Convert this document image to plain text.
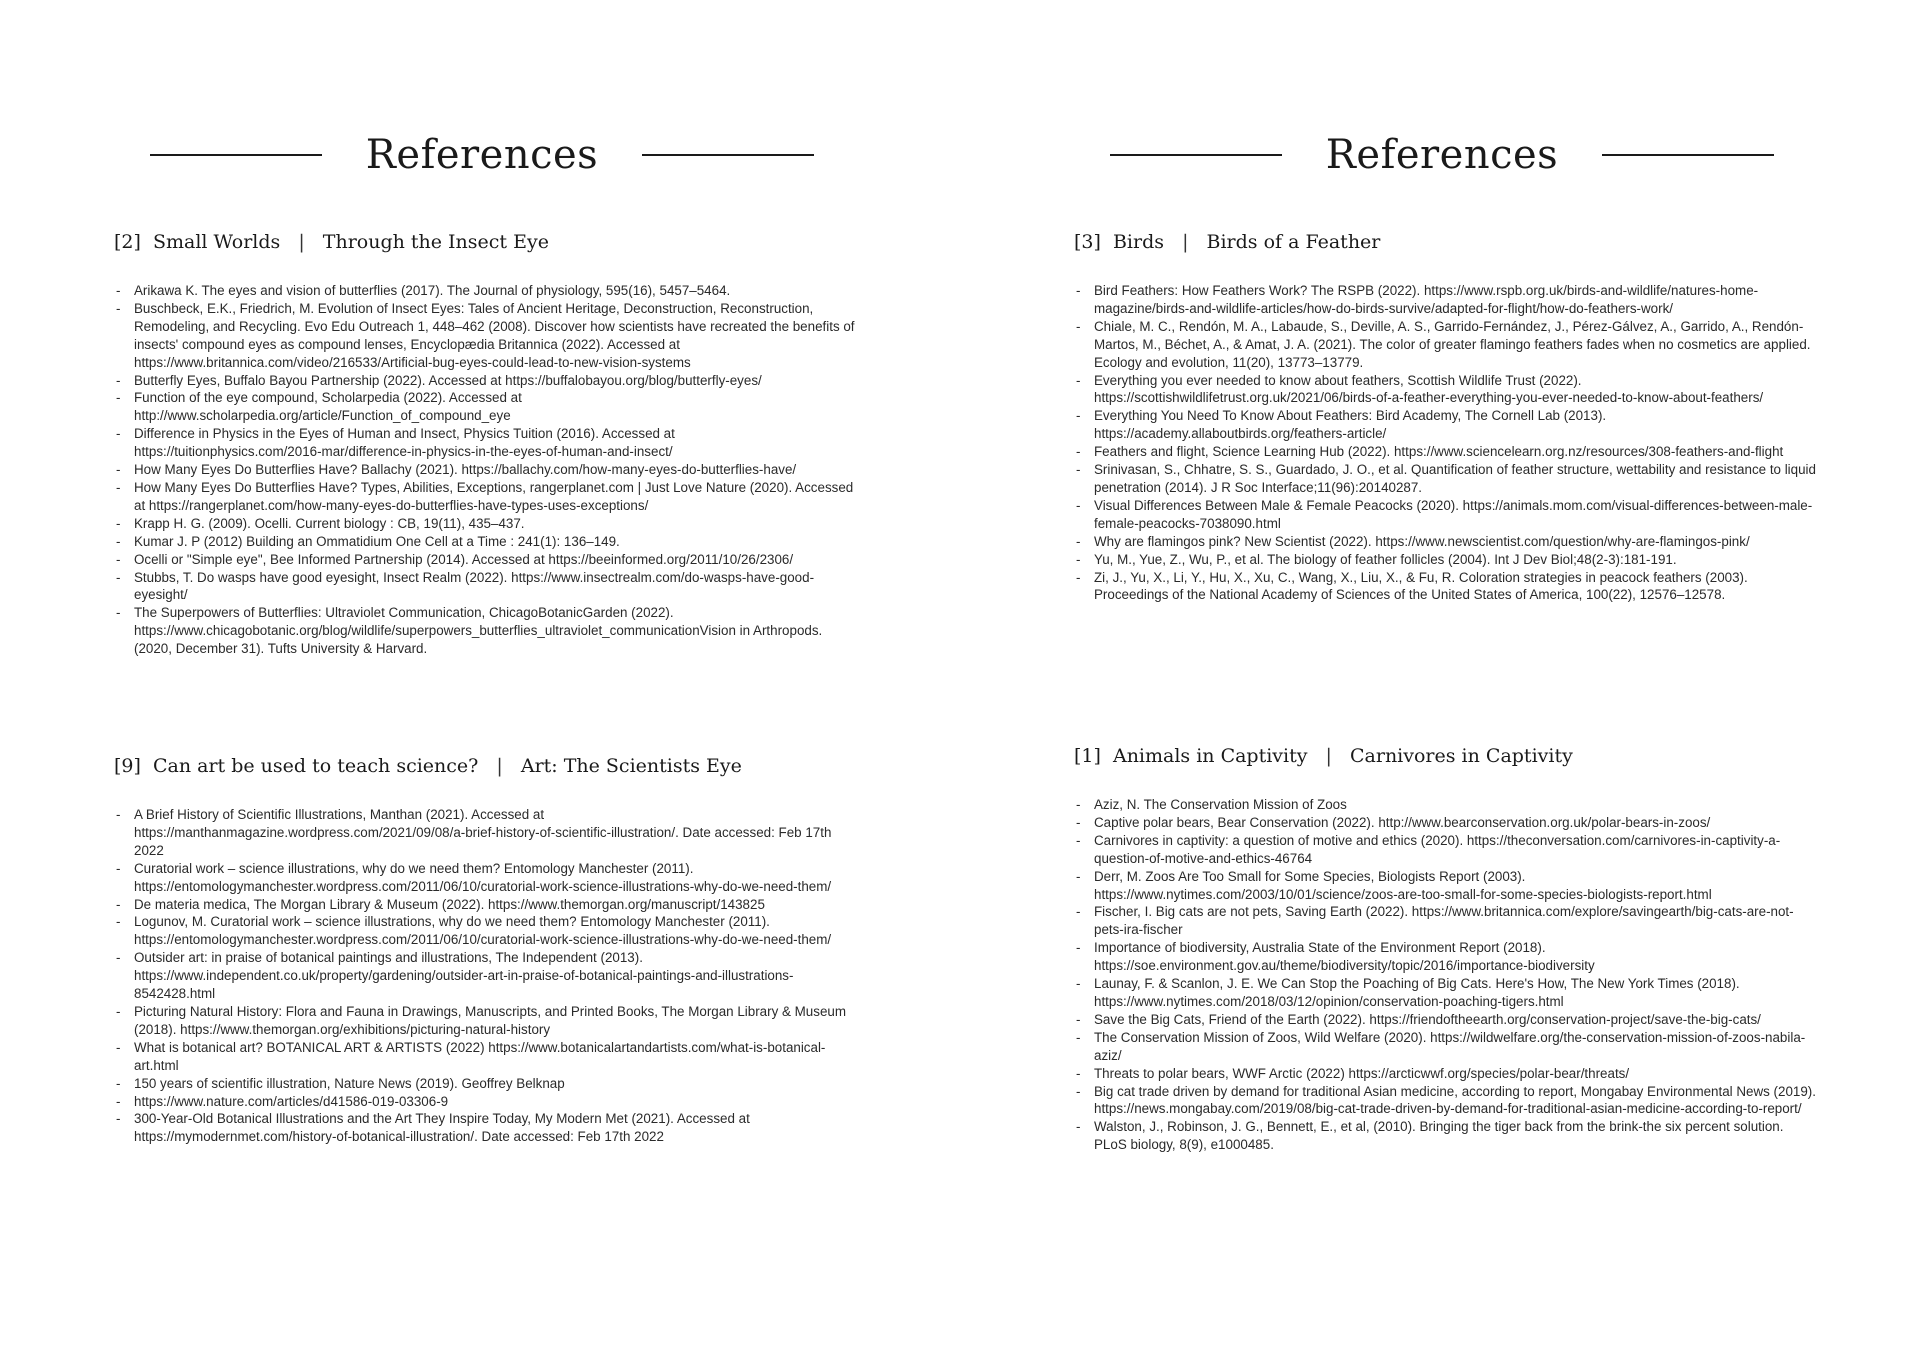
References
[2] Small Worlds | Through the Insect Eye
- Arikawa K. The eyes and vision of butterflies (2017). The Journal of physiology, 595(16), 5457–5464.
- Buschbeck, E.K., Friedrich, M. Evolution of Insect Eyes: Tales of Ancient Heritage, Deconstruction, Reconstruction, Remodeling, and Recycling. Evo Edu Outreach 1, 448–462 (2008). Discover how scientists have recreated the benefits of insects' compound eyes as compound lenses, Encyclopædia Britannica (2022). Accessed at https://www.britannica.com/video/216533/Artificial-bug-eyes-could-lead-to-new-vision-systems
- Butterfly Eyes, Buffalo Bayou Partnership (2022). Accessed at https://buffalobayou.org/blog/butterfly-eyes/
- Function of the eye compound, Scholarpedia (2022). Accessed at http://www.scholarpedia.org/article/Function_of_compound_eye
- Difference in Physics in the Eyes of Human and Insect, Physics Tuition (2016). Accessed at https://tuitionphysics.com/2016-mar/difference-in-physics-in-the-eyes-of-human-and-insect/
- How Many Eyes Do Butterflies Have? Ballachy (2021). https://ballachy.com/how-many-eyes-do-butterflies-have/
- How Many Eyes Do Butterflies Have? Types, Abilities, Exceptions, rangerplanet.com | Just Love Nature (2020). Accessed at https://rangerplanet.com/how-many-eyes-do-butterflies-have-types-uses-exceptions/
- Krapp H. G. (2009). Ocelli. Current biology : CB, 19(11), 435–437.
- Kumar J. P (2012) Building an Ommatidium One Cell at a Time : 241(1): 136–149.
- Ocelli or "Simple eye", Bee Informed Partnership (2014). Accessed at https://beeinformed.org/2011/10/26/2306/
- Stubbs, T. Do wasps have good eyesight, Insect Realm (2022). https://www.insectrealm.com/do-wasps-have-good-eyesight/
- The Superpowers of Butterflies: Ultraviolet Communication, ChicagoBotanicGarden (2022). https://www.chicagobotanic.org/blog/wildlife/superpowers_butterflies_ultraviolet_communicationVision in Arthropods. (2020, December 31). Tufts University & Harvard.
[9] Can art be used to teach science? | Art: The Scientists Eye
- A Brief History of Scientific Illustrations, Manthan (2021). Accessed at https://manthanmagazine.wordpress.com/2021/09/08/a-brief-history-of-scientific-illustration/. Date accessed: Feb 17th 2022
- Curatorial work – science illustrations, why do we need them? Entomology Manchester (2011). https://entomologymanchester.wordpress.com/2011/06/10/curatorial-work-science-illustrations-why-do-we-need-them/
- De materia medica, The Morgan Library & Museum (2022). https://www.themorgan.org/manuscript/143825
- Logunov, M. Curatorial work – science illustrations, why do we need them? Entomology Manchester (2011). https://entomologymanchester.wordpress.com/2011/06/10/curatorial-work-science-illustrations-why-do-we-need-them/
- Outsider art: in praise of botanical paintings and illustrations, The Independent (2013). https://www.independent.co.uk/property/gardening/outsider-art-in-praise-of-botanical-paintings-and-illustrations-8542428.html
- Picturing Natural History: Flora and Fauna in Drawings, Manuscripts, and Printed Books, The Morgan Library & Museum (2018). https://www.themorgan.org/exhibitions/picturing-natural-history
- What is botanical art? BOTANICAL ART & ARTISTS (2022) https://www.botanicalartandartists.com/what-is-botanical-art.html
- 150 years of scientific illustration, Nature News (2019). Geoffrey Belknap
- https://www.nature.com/articles/d41586-019-03306-9
- 300-Year-Old Botanical Illustrations and the Art They Inspire Today, My Modern Met (2021). Accessed at https://mymodernmet.com/history-of-botanical-illustration/. Date accessed: Feb 17th 2022
References
[3] Birds | Birds of a Feather
- Bird Feathers: How Feathers Work? The RSPB (2022). https://www.rspb.org.uk/birds-and-wildlife/natures-home-magazine/birds-and-wildlife-articles/how-do-birds-survive/adapted-for-flight/how-do-feathers-work/
- Chiale, M. C., Rendón, M. A., Labaude, S., Deville, A. S., Garrido-Fernández, J., Pérez-Gálvez, A., Garrido, A., Rendón-Martos, M., Béchet, A., & Amat, J. A. (2021). The color of greater flamingo feathers fades when no cosmetics are applied. Ecology and evolution, 11(20), 13773–13779.
- Everything you ever needed to know about feathers, Scottish Wildlife Trust (2022). https://scottishwildlifetrust.org.uk/2021/06/birds-of-a-feather-everything-you-ever-needed-to-know-about-feathers/
- Everything You Need To Know About Feathers: Bird Academy, The Cornell Lab (2013). https://academy.allaboutbirds.org/feathers-article/
- Feathers and flight, Science Learning Hub (2022). https://www.sciencelearn.org.nz/resources/308-feathers-and-flight
- Srinivasan, S., Chhatre, S. S., Guardado, J. O., et al. Quantification of feather structure, wettability and resistance to liquid penetration (2014). J R Soc Interface;11(96):20140287.
- Visual Differences Between Male & Female Peacocks (2020). https://animals.mom.com/visual-differences-between-male-female-peacocks-7038090.html
- Why are flamingos pink? New Scientist (2022). https://www.newscientist.com/question/why-are-flamingos-pink/
- Yu, M., Yue, Z., Wu, P., et al. The biology of feather follicles (2004). Int J Dev Biol;48(2-3):181-191.
- Zi, J., Yu, X., Li, Y., Hu, X., Xu, C., Wang, X., Liu, X., & Fu, R. Coloration strategies in peacock feathers (2003). Proceedings of the National Academy of Sciences of the United States of America, 100(22), 12576–12578.
[1] Animals in Captivity | Carnivores in Captivity
- Aziz, N. The Conservation Mission of Zoos
- Captive polar bears, Bear Conservation (2022). http://www.bearconservation.org.uk/polar-bears-in-zoos/
- Carnivores in captivity: a question of motive and ethics (2020). https://theconversation.com/carnivores-in-captivity-a-question-of-motive-and-ethics-46764
- Derr, M. Zoos Are Too Small for Some Species, Biologists Report (2003). https://www.nytimes.com/2003/10/01/science/zoos-are-too-small-for-some-species-biologists-report.html
- Fischer, I. Big cats are not pets, Saving Earth (2022). https://www.britannica.com/explore/savingearth/big-cats-are-not-pets-ira-fischer
- Importance of biodiversity, Australia State of the Environment Report (2018). https://soe.environment.gov.au/theme/biodiversity/topic/2016/importance-biodiversity
- Launay, F. & Scanlon, J. E. We Can Stop the Poaching of Big Cats. Here's How, The New York Times (2018). https://www.nytimes.com/2018/03/12/opinion/conservation-poaching-tigers.html
- Save the Big Cats, Friend of the Earth (2022). https://friendoftheearth.org/conservation-project/save-the-big-cats/
- The Conservation Mission of Zoos, Wild Welfare (2020). https://wildwelfare.org/the-conservation-mission-of-zoos-nabila-aziz/
- Threats to polar bears, WWF Arctic (2022) https://arcticwwf.org/species/polar-bear/threats/
- Big cat trade driven by demand for traditional Asian medicine, according to report, Mongabay Environmental News (2019). https://news.mongabay.com/2019/08/big-cat-trade-driven-by-demand-for-traditional-asian-medicine-according-to-report/
- Walston, J., Robinson, J. G., Bennett, E., et al, (2010). Bringing the tiger back from the brink-the six percent solution. PLoS biology, 8(9), e1000485.
